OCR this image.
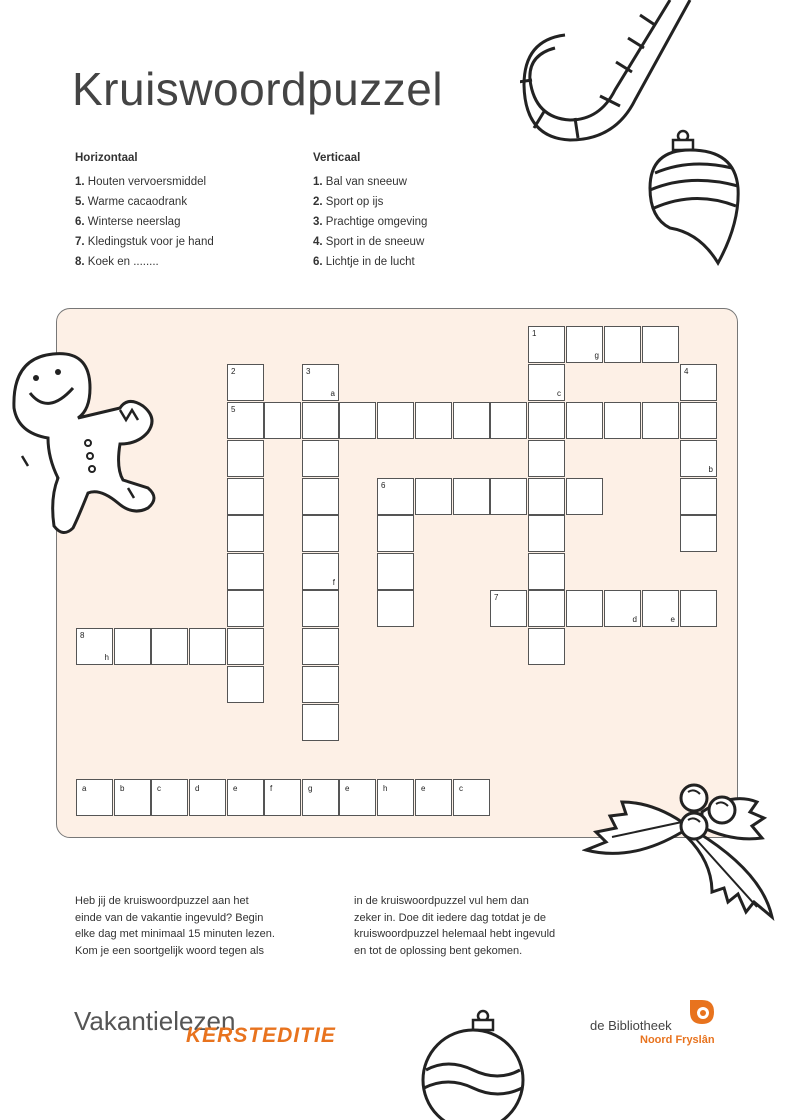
Kruiswoordpuzzel
Horizontaal
1. Houten vervoersmiddel
5. Warme cacaodrank
6. Winterse neerslag
7. Kledingstuk voor je hand
8. Koek en ........
Verticaal
1. Bal van sneeuw
2. Sport op ijs
3. Prachtige omgeving
4. Sport in de sneeuw
6. Lichtje in de lucht
1
g
2	3
a	c
4
5
b
6
f
7
d	e
8
h
a	b	c	d	e	f	g	e	h	e	c
Heb jij de kruiswoordpuzzel aan het
einde van de vakantie ingevuld? Begin
elke dag met minimaal 15 minuten lezen.
Kom je een soortgelijk woord tegen als
in de kruiswoordpuzzel vul hem dan
zeker in. Doe dit iedere dag totdat je de
kruiswoordpuzzel helemaal hebt ingevuld
en tot de oplossing bent gekomen.
Vakantielezen
KERSTEDITIE	de Bibliotheek
Noord Fryslân
